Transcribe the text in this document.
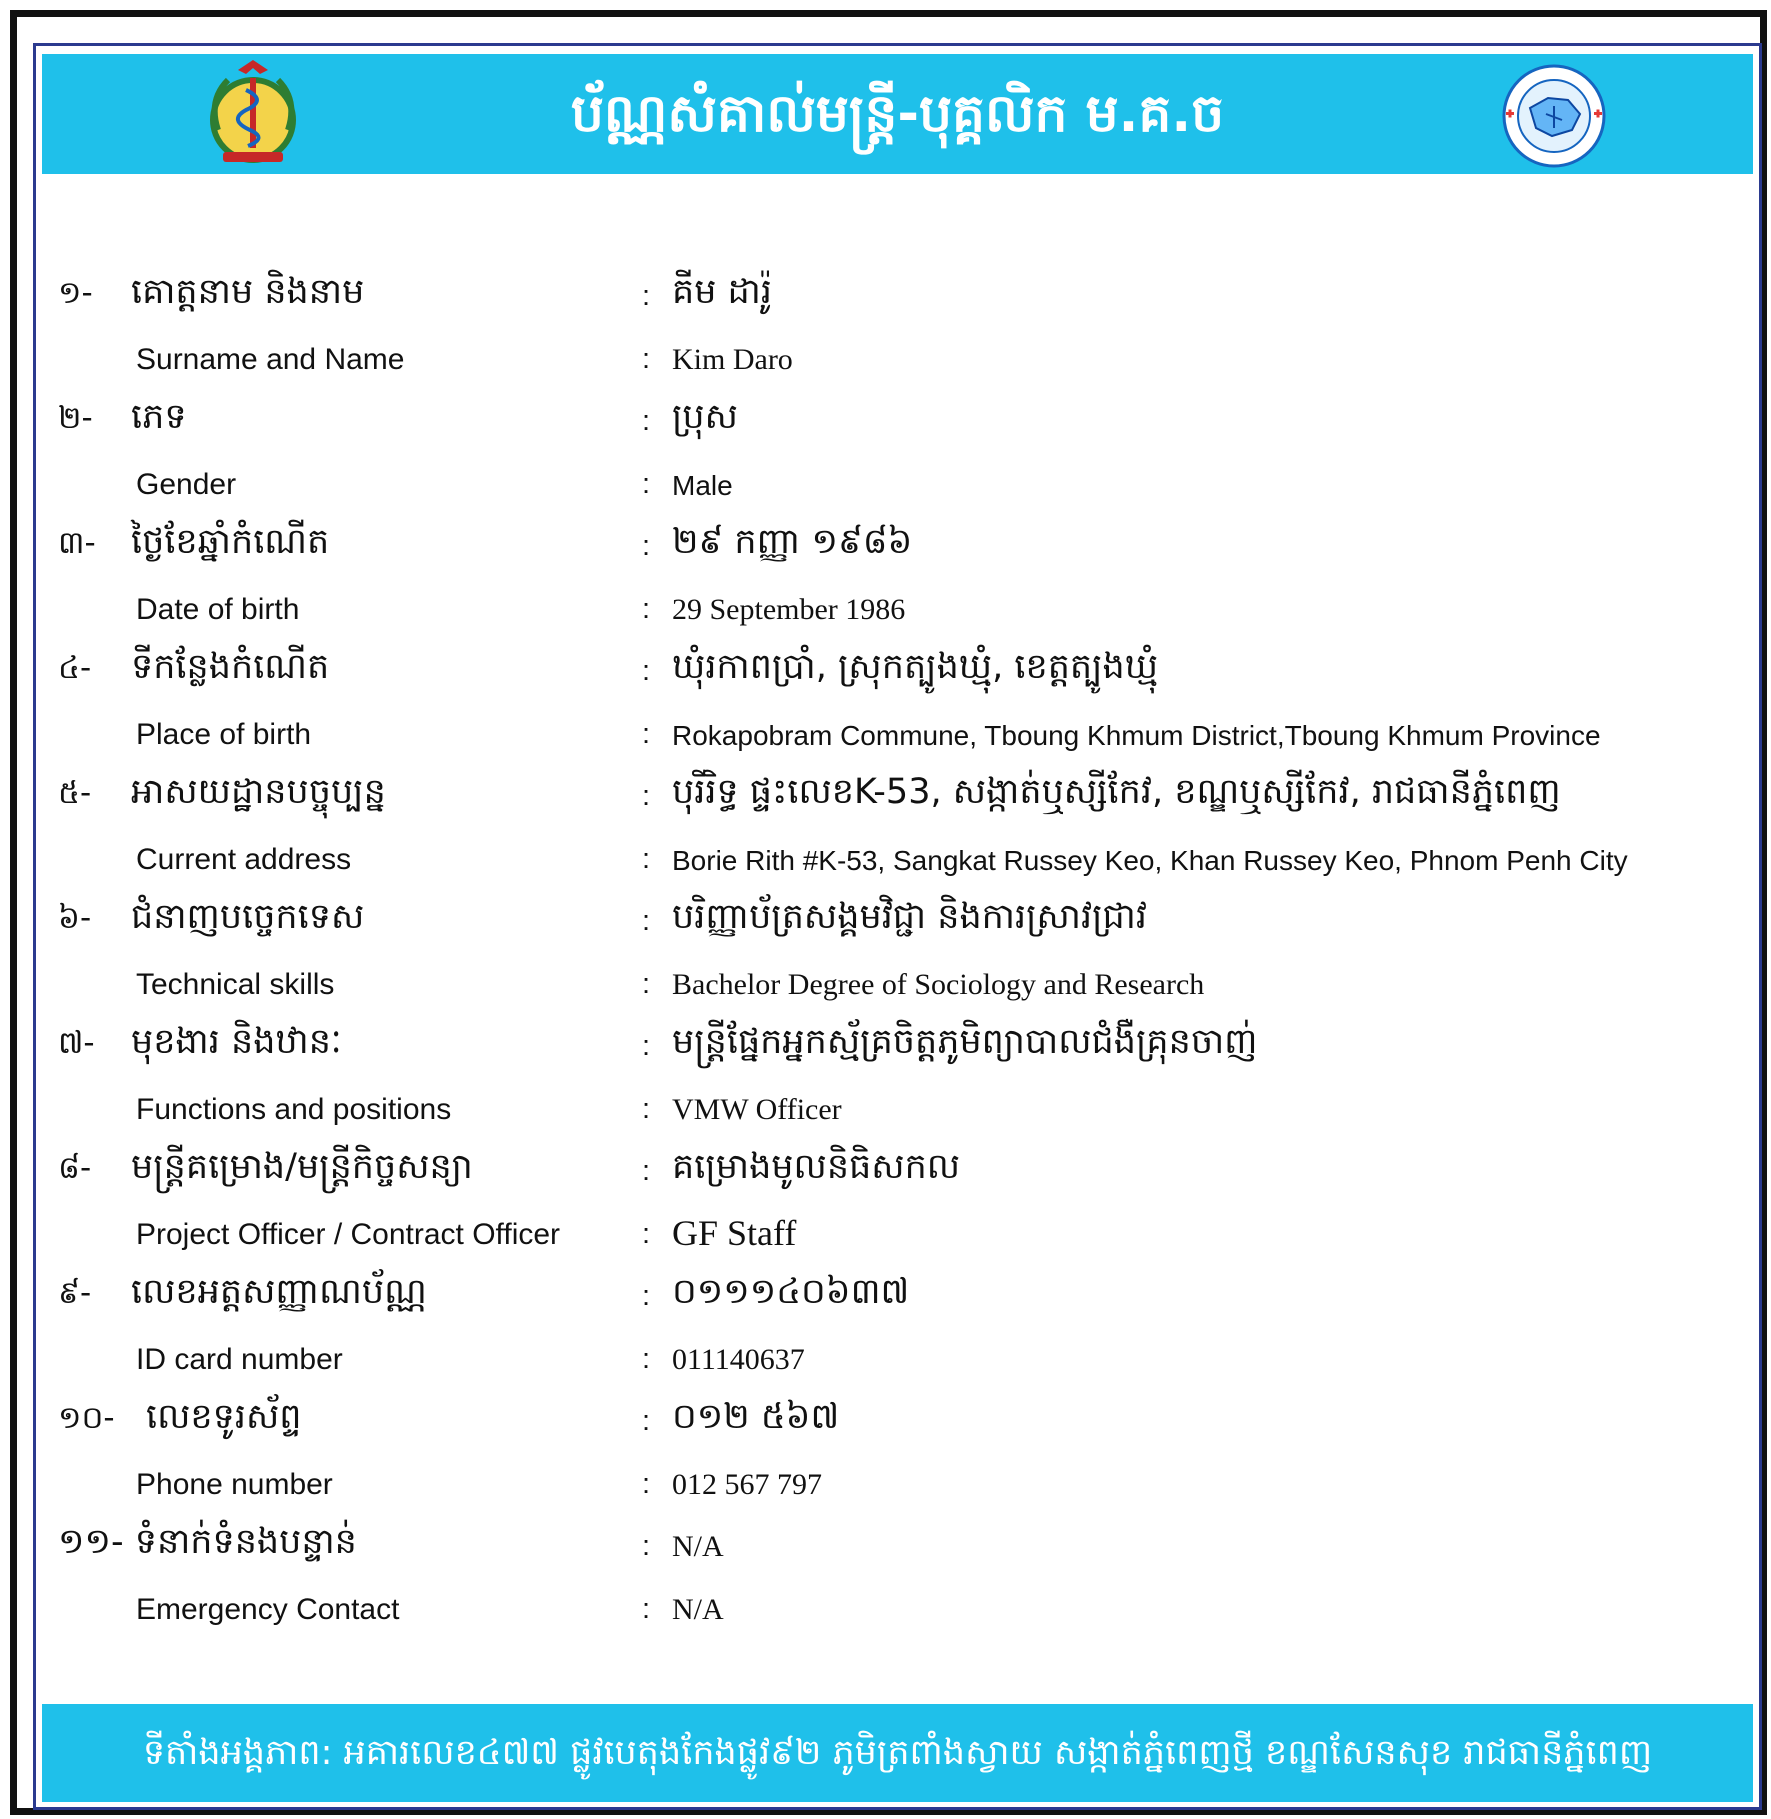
ប័ណ្ណសំគាល់មន្រ្តី-បុគ្គលិក ម.គ.ច
១- គោត្តនាម និងនាម	: គីម ដារ៉ូ
Surname and Name	: Kim Daro
២- ភេទ	: ប្រុស
Gender	: Male
៣- ថ្ងៃខែឆ្នាំកំណើត	: ២៩ កញ្ញា ១៩៨៦
Date of birth	: 29 September 1986
៤- ទីកន្លែងកំណើត	: ឃុំរកាពប្រាំ, ស្រុកត្បូងឃ្មុំ, ខេត្តត្បូងឃ្មុំ
Place of birth	: Rokapobram Commune, Tboung Khmum District,Tboung Khmum Province
៥- អាសយដ្ឋានបច្ចុប្បន្ន	: បុរីរិទ្ធ ផ្ទះលេខK-53, សង្កាត់ឬស្សីកែវ, ខណ្ឌឬស្សីកែវ, រាជធានីភ្នំពេញ
Current address	: Borie Rith #K-53, Sangkat Russey Keo, Khan Russey Keo, Phnom Penh City
៦- ជំនាញបច្ចេកទេស	: បរិញ្ញាប័ត្រសង្គមវិជ្ជា និងការស្រាវជ្រាវ
Technical skills	: Bachelor Degree of Sociology and Research
៧- មុខងារ និងឋានៈ	: មន្ត្រីផ្នែកអ្នកស្ម័គ្រចិត្តភូមិព្យាបាលជំងឺគ្រុនចាញ់
Functions and positions	: VMW Officer
៨- មន្ត្រីគម្រោង/មន្ត្រីកិច្ចសន្យា	: គម្រោងមូលនិធិសកល
Project Officer / Contract Officer	: GF Staff
៩- លេខអត្តសញ្ញាណប័ណ្ណ	: ០១១១៤០៦៣៧
ID card number	: 011140637
១០- លេខទូរស័ព្ទ	: ០១២ ៥៦៧
Phone number	: 012 567 797
១១- ទំនាក់ទំនងបន្ទាន់	: N/A
Emergency Contact	: N/A
ទីតាំងអង្គភាព: អគារលេខ៤៧៧ ផ្លូវបេតុងកែងផ្លូវ៩២ ភូមិត្រពាំងស្វាយ សង្កាត់ភ្នំពេញថ្មី ខណ្ឌសែនសុខ រាជធានីភ្នំពេញ
